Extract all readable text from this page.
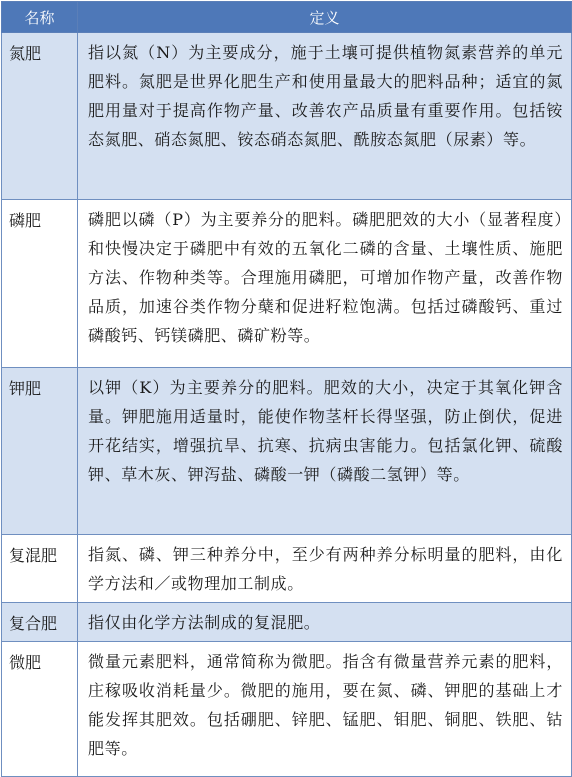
名称	定义
氮肥	指以氮（N）为主要成分，施于土壤可提供植物氮素营养的单元肥料。氮肥是世界化肥生产和使用量最大的肥料品种；适宜的氮肥用量对于提高作物产量、改善农产品质量有重要作用。包括铵态氮肥、硝态氮肥、铵态硝态氮肥、酰胺态氮肥（尿素）等。
磷肥	磷肥以磷（P）为主要养分的肥料。磷肥肥效的大小（显著程度）和快慢决定于磷肥中有效的五氧化二磷的含量、土壤性质、施肥方法、作物种类等。合理施用磷肥，可增加作物产量，改善作物品质，加速谷类作物分蘖和促进籽粒饱满。包括过磷酸钙、重过磷酸钙、钙镁磷肥、磷矿粉等。
钾肥	以钾（K）为主要养分的肥料。肥效的大小，决定于其氧化钾含量。钾肥施用适量时，能使作物茎杆长得坚强，防止倒伏，促进开花结实，增强抗旱、抗寒、抗病虫害能力。包括氯化钾、硫酸钾、草木灰、钾泻盐、磷酸一钾（磷酸二氢钾）等。
复混肥	指氮、磷、钾三种养分中，至少有两种养分标明量的肥料，由化学方法和／或物理加工制成。
复合肥	指仅由化学方法制成的复混肥。
微肥	微量元素肥料，通常简称为微肥。指含有微量营养元素的肥料，庄稼吸收消耗量少。微肥的施用，要在氮、磷、钾肥的基础上才能发挥其肥效。包括硼肥、锌肥、锰肥、钼肥、铜肥、铁肥、钴肥等。
